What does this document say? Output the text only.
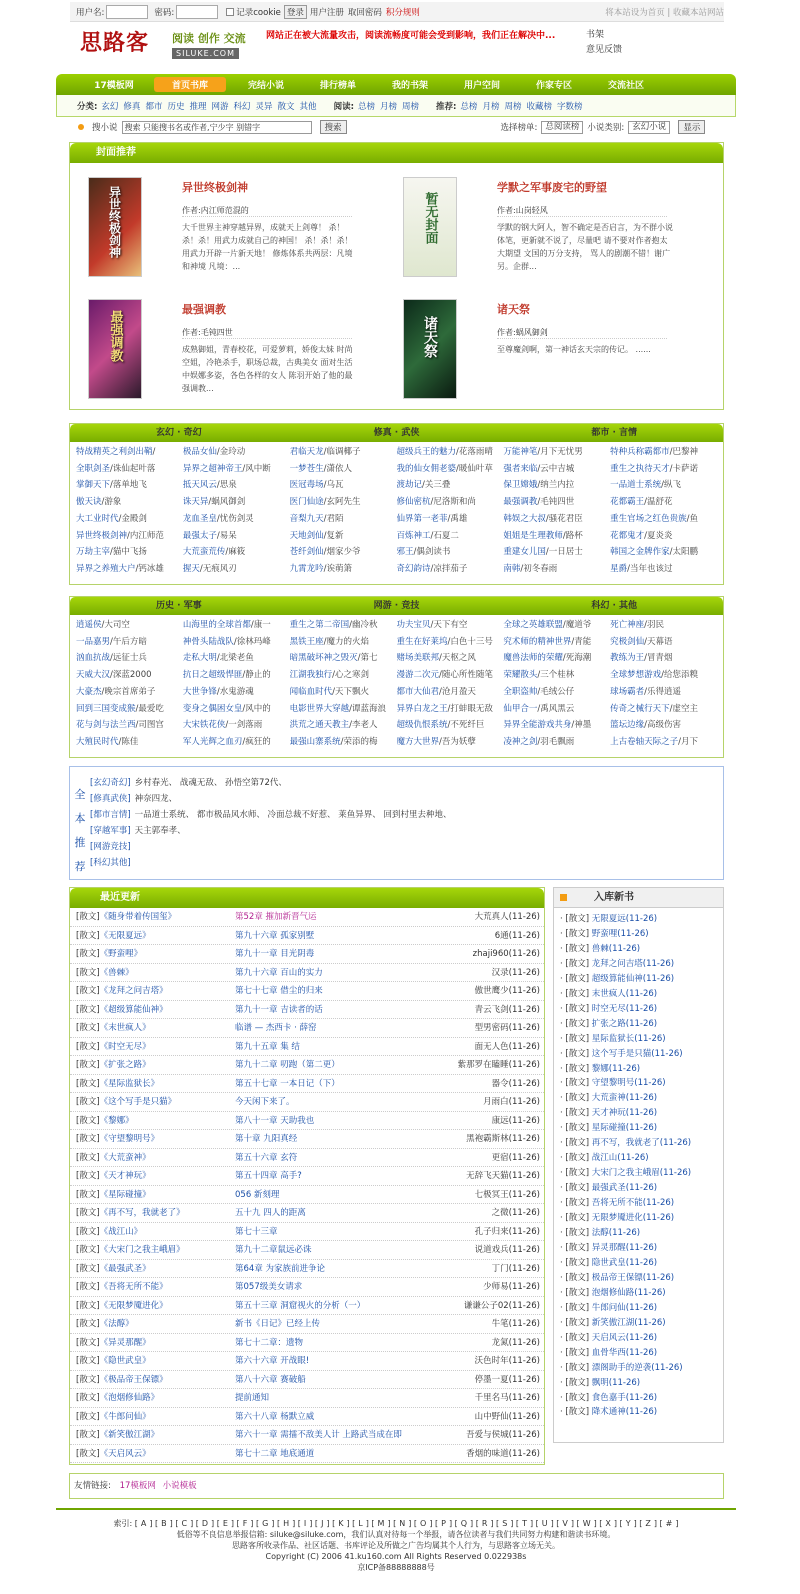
用户名:	密码:	记录cookie 登录 用户注册 取回密码 积分规则	将本站设为首页 | 收藏本站网站
思路客 阅读 创作 交流
SILUKE.COM
网站正在被大流量攻击，阅读流畅度可能会受到影响，我们正在解决中...	书架
意见反馈
17模板网	首页书库	完结小说	排行榜单	我的书架	用户空间	作家专区	交流社区
分类: 玄幻 修真 都市 历史 推理 网游 科幻 灵异 散文 其他 阅读: 总榜 月榜 周榜 推荐: 总榜 月榜 周榜 收藏榜 字数榜
搜小说 搜索 只能搜书名或作者,宁少字 别错字	搜索	选择榜单: 总阅读榜 小说类别: 玄幻小说	显示
封面推荐
异世终极剑神	异世终极剑神
作者:内江师范混的
大千世界主神穿越异界，成就天上剑尊！ 杀！杀！杀！用武力成就自己的神国！ 杀！杀！杀！用武力开辟一片新天地！ 修炼体系共两层：凡境和神境 凡境：...
暂无封面
学默之军事废宅的野望
作者:山岗轻风
学默的钢大阿人，智不确定是否启言，为不群小说体笔，更新就不说了，尽量吧 请不要对作者抱太大期望 文国的万分支持， 骂人的剧潮不错！谢广 另。企群...
最强调教
最强调教
作者:毛钝四世
成熟御姐，青春校花，可爱萝莉，娇俊太妹 时尚空姐，冷艳杀手，职场总裁，古典美女 面对生活中娱娜多姿，各色各样的女人 陈羽开始了他的最强调教...
诸天祭
诸天祭
作者:蜗风御剑
至尊魔剑啊，第一神话玄天宗的传记。 ......
玄幻 · 奇幻	修真 · 武侠	都市 · 言情
特战精英之利剑出鞘/	极品女仙/金玲动	君临天龙/临调椰子	超级兵王的魅力/花落雨晴	万能神笔/月下无忧男	特种兵称霸都市/巴黎神
全职剑圣/诛仙起叶落	异界之超神帝王/风中断	一梦苍生/潇依人	我的仙女佣老婆/暖仙叶草	强者来临/云中吉城	重生之执待天才/卡萨诺
掌御天下/落单地飞	抵天风云/思泉	医冠毒场/乌瓦	渡劫记/关三叠	保卫嫦娥/纳兰内拉	一品道士系统/纵飞
傲天诀/游象	诛天异/蜗风御剑	医门仙途/玄阿先生	修仙密杭/尼洛斯和尚	最强调教/毛钝四世	花都霸王/温舒花
大工业时代/金殿剑	龙血圣皇/忧伤剑灵	音梨九天/君陌	仙界第一老菲/禹雄	韩娱之大叔/骚花君臣	重生官场之红色贵族/鱼
异世终极剑神/内江师范	最强太子/易呆	天地剑仙/复新	百炼神工/石夏二	姐姐是生理教师/路杯	花都鬼才/夏炎炎
万劫主宰/猫中飞扬	大荒蛮荒传/麻筱	苍纤剑仙/烟家少爷	邪王/偶剑读书	重建女儿国/一日居士	韩国之金牌作家/太阳鹏
异界之养殖大户/钙冰雄	握天/无痕风刃	九霄龙吟/诶萌箫	奇幻韵诗/凉拌茄子	南韩/初冬春雨	星爵/当年也该过
历史 · 军事	网游 · 竞技	科幻 · 其他
逍遥侯/大司空	山海里的全球首都/康一	重生之第二帝国/幽冷秋	功夫宝贝/天下有空	全球之英雄联盟/魔道爷	死亡神座/羽民
一品嘉男/午后方暗	神骨头陆战队/徐林玛峰	黑铁王座/魔力的火焰	重生在好莱坞/白色十三号	究术师的精神世界/青能	究极剑仙/天幕语
汹血抗战/远征士兵	走私大明/北梁老鱼	暗黑破坏神之毁灭/第七	赌场美联邦/天枢之风	魔兽法师的荣耀/死海潮	教练为王/冒青烟
天威大汉/深蓝2000	抗日之超级悍匪/静止的	江湖我独行/心之寒剑	漫游二次元/随心所性随笔	荣耀散头/三个桂林	全球梦想游戏/给您添糗
大豪杰/晚宗首席弟子	大世争锋/水鬼游魂	闻临血时代/天下飘火	都市大仙君/沧月盈天	全职盗帅/毛绒公仔	球场霸者/乐得逍遥
回到三国变成猴/最爱吃	变身之偶困女皇/风中的	电影世界大穿越/谭蓝海浪	异界白龙之王/打蚌眼无敌	仙甲合一/禹风黑云	传奇之械行天下/虚空主
花与剑与法兰西/司图宫	大宋铁花侠/一剑落雨	洪荒之通天教主/李老人	超级仇恨系统/不死纤巨	异界全能游戏共身/神墨	篮坛边缘/高级伤害
大殖民时代/陈佳	军人光辉之血刃/疯狂的	最强山寨系统/荣添的梅	魔方大世界/吾为妖孽	凌神之剑/羽毛飘雨	上古卷轴天际之子/月下
全本推荐
[玄幻奇幻] 乡村春光、 战魂无敌、 孙悟空第72代、
[修真武侠] 神奈四龙、
[都市言情] 一品道士系统、 都市极品风水师、 冷面总裁不好惹、 莱鱼异界、 回到村里去种地、
[穿越军事] 天主郭奉孝、
[网游竞技]
[科幻其他]
最近更新
[散文]《随身带着传国玺》	第52章 摧加新晋气运	大荒真人(11-26)
[散文]《无限夏远》	第九十六章 孤家别墅	6通(11-26)
[散文]《野蛮哩》	第九十一章 目光阴毒	zhaji960(11-26)
[散文]《兽棘》	第九十六章 百山的实力	汉录(11-26)
[散文]《龙拜之问吉塔》	第七十七章 借尘的归来	傲世鹰少(11-26)
[散文]《超级算能仙神》	第九十一章 吉读者的话	青云飞剑(11-26)
[散文]《末世疯人》	临谱 — 杰西卡 · 薛窑	型男密码(11-26)
[散文]《时空无尽》	第九十五章 集 结	面无人色(11-26)
[散文]《扩张之路》	第九十二章 叨跑（第二更）	紫那罗在瞌睡(11-26)
[散文]《星际监狱长》	第五十七章 一本日记（下）	器令(11-26)
[散文]《这个写手是只猫》	今天闲下来了。	月雨白(11-26)
[散文]《黎娜》	第八十一章 天助我也	康远(11-26)
[散文]《守望黎明号》	第十章 九阳真经	黑袍霸斯林(11-26)
[散文]《大荒蛮神》	第五十六章 玄符	更宿(11-26)
[散文]《天才神玩》	第五十四章 高手?	无辞飞天猫(11-26)
[散文]《星际碰撞》	056 新刻理	七极冥王(11-26)
[散文]《再不写，我就老了》	五十九 四人的距离	之微(11-26)
[散文]《战江山》	第七十三章	孔子归来(11-26)
[散文]《大宋门之我主峨眉》	第九十二章鼠远必诛	说道戏兵(11-26)
[散文]《最强武圣》	第64章 为家族前进争论	丁门(11-26)
[散文]《吾将无所不能》	第057级美女请求	少师易(11-26)
[散文]《无限梦魇进化》	第五十三章 洞窟视火的分析（一）	谦谦公子02(11-26)
[散文]《法醇》	新书《日记》已经上传	牛笔(11-26)
[散文]《异灵那醒》	第七十二章：遗物	龙氮(11-26)
[散文]《隐世武皇》	第六十六章 开战眼!	沃色时年(11-26)
[散文]《极品帝王保镖》	第八十六章 赛破船	停墨一夏(11-26)
[散文]《泡烟修仙路》	提前通知	千里名马(11-26)
[散文]《牛郎问仙》	第六十八章 杨默立威	山中野仙(11-26)
[散文]《新笑傲江湖》	第六十一章 需擂不敌美人计 上路武当成在即	吾爱与侯城(11-26)
[散文]《天启风云》	第七十二章 地底通道	香烟的味道(11-26)
入库新书
· [散文] 无限夏远(11-26)
· [散文] 野蛮哩(11-26)
· [散文] 兽棘(11-26)
· [散文] 龙拜之问吉塔(11-26)
· [散文] 超级算能仙神(11-26)
· [散文] 末世疯人(11-26)
· [散文] 时空无尽(11-26)
· [散文] 扩张之路(11-26)
· [散文] 星际监狱长(11-26)
· [散文] 这个写手是只猫(11-26)
· [散文] 黎娜(11-26)
· [散文] 守望黎明号(11-26)
· [散文] 大荒蛮神(11-26)
· [散文] 天才神玩(11-26)
· [散文] 星际碰撞(11-26)
· [散文] 再不写，我就老了(11-26)
· [散文] 战江山(11-26)
· [散文] 大宋门之我主峨眉(11-26)
· [散文] 最强武圣(11-26)
· [散文] 吾将无所不能(11-26)
· [散文] 无限梦魇进化(11-26)
· [散文] 法醇(11-26)
· [散文] 异灵那醒(11-26)
· [散文] 隐世武皇(11-26)
· [散文] 极品帝王保镖(11-26)
· [散文] 泡烟修仙路(11-26)
· [散文] 牛郎问仙(11-26)
· [散文] 新笑傲江湖(11-26)
· [散文] 天启风云(11-26)
· [散文] 血骨华西(11-26)
· [散文] 漂阁助手的逆袭(11-26)
· [散文] 飘明(11-26)
· [散文] 食色嘉手(11-26)
· [散文] 降术通神(11-26)
友情链接: 17模板网 小说模板
索引: [ A ] [ B ] [ C ] [ D ] [ E ] [ F ] [ G ] [ H ] [ I ] [ J ] [ K ] [ L ] [ M ] [ N ] [ O ] [ P ] [ Q ] [ R ] [ S ] [ T ] [ U ] [ V ] [ W ] [ X ] [ Y ] [ Z ] [ # ]
低俗等不良信息举报信箱: siluke@siluke.com，我们认真对待每一个举报，请各位读者与我们共同努力构建和谐读书环境。
思路客所收录作品、社区话题、书库评论及所做之广告均属其个人行为，与思路客立场无关。
Copyright (C) 2006 41.ku160.com All Rights Reserved 0.022938s
京ICP备88888888号
